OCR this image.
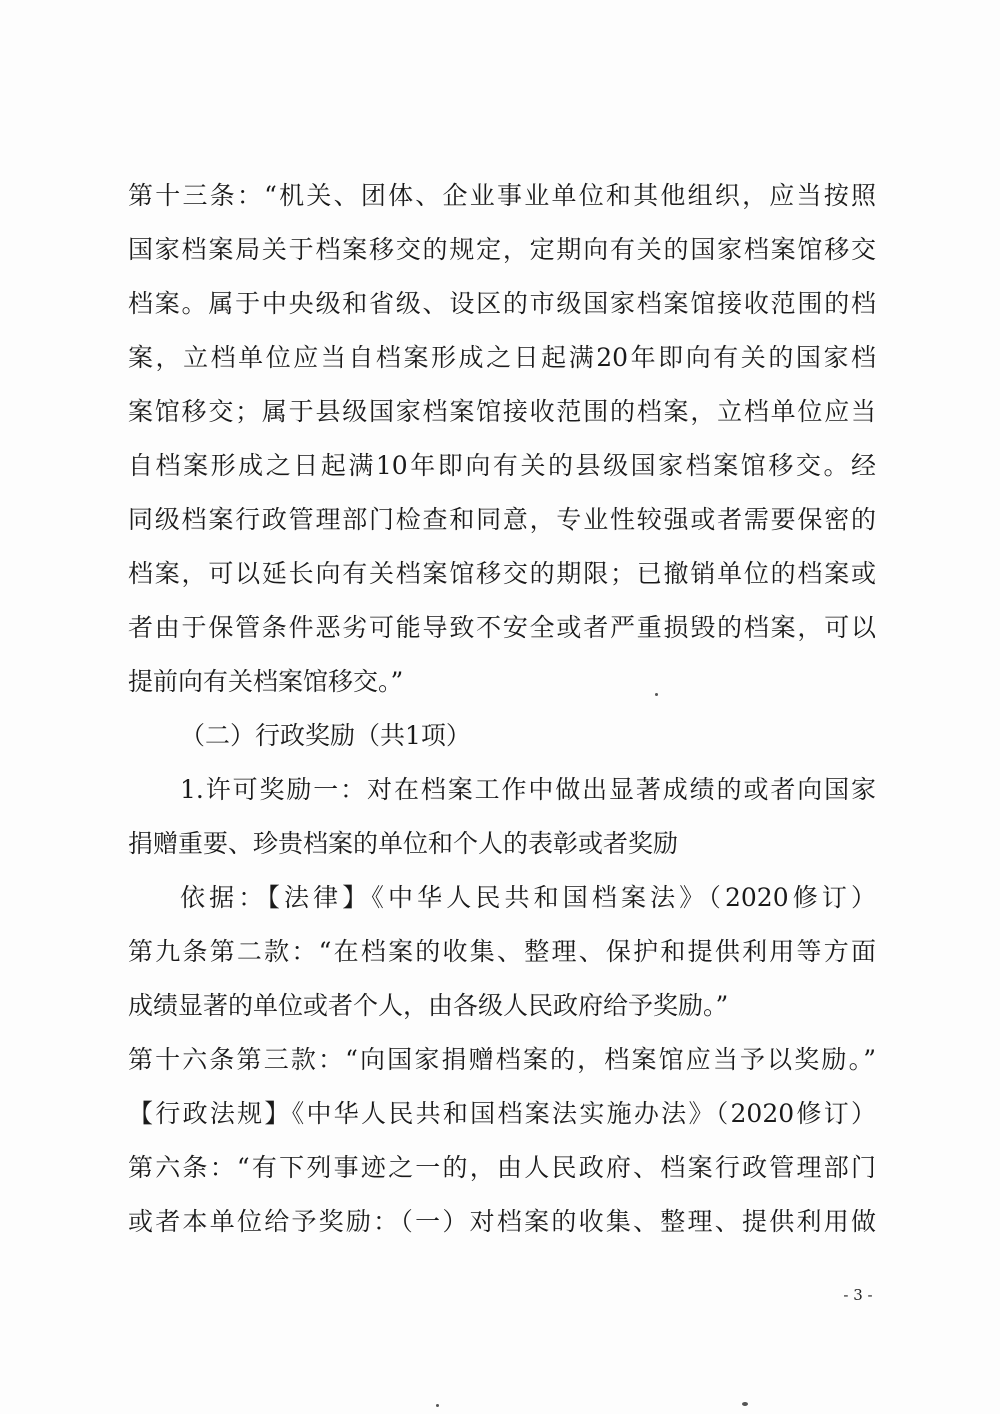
第十三条：“机关、团体、企业事业单位和其他组织，应当按照
国家档案局关于档案移交的规定，定期向有关的国家档案馆移交
档案。属于中央级和省级、设区的市级国家档案馆接收范围的档
案，立档单位应当自档案形成之日起满20年即向有关的国家档
案馆移交；属于县级国家档案馆接收范围的档案，立档单位应当
自档案形成之日起满10年即向有关的县级国家档案馆移交。经
同级档案行政管理部门检查和同意，专业性较强或者需要保密的
档案，可以延长向有关档案馆移交的期限；已撤销单位的档案或
者由于保管条件恶劣可能导致不安全或者严重损毁的档案，可以
提前向有关档案馆移交。”
（二）行政奖励（共1项）
1.许可奖励一：对在档案工作中做出显著成绩的或者向国家
捐赠重要、珍贵档案的单位和个人的表彰或者奖励
依据：【法律】《中华人民共和国档案法》（2020修订）
第九条第二款：“在档案的收集、整理、保护和提供利用等方面
成绩显著的单位或者个人，由各级人民政府给予奖励。”
第十六条第三款：“向国家捐赠档案的，档案馆应当予以奖励。”
【行政法规】《中华人民共和国档案法实施办法》（2020修订）
第六条：“有下列事迹之一的，由人民政府、档案行政管理部门
或者本单位给予奖励：（一）对档案的收集、整理、提供利用做
- 3 -
